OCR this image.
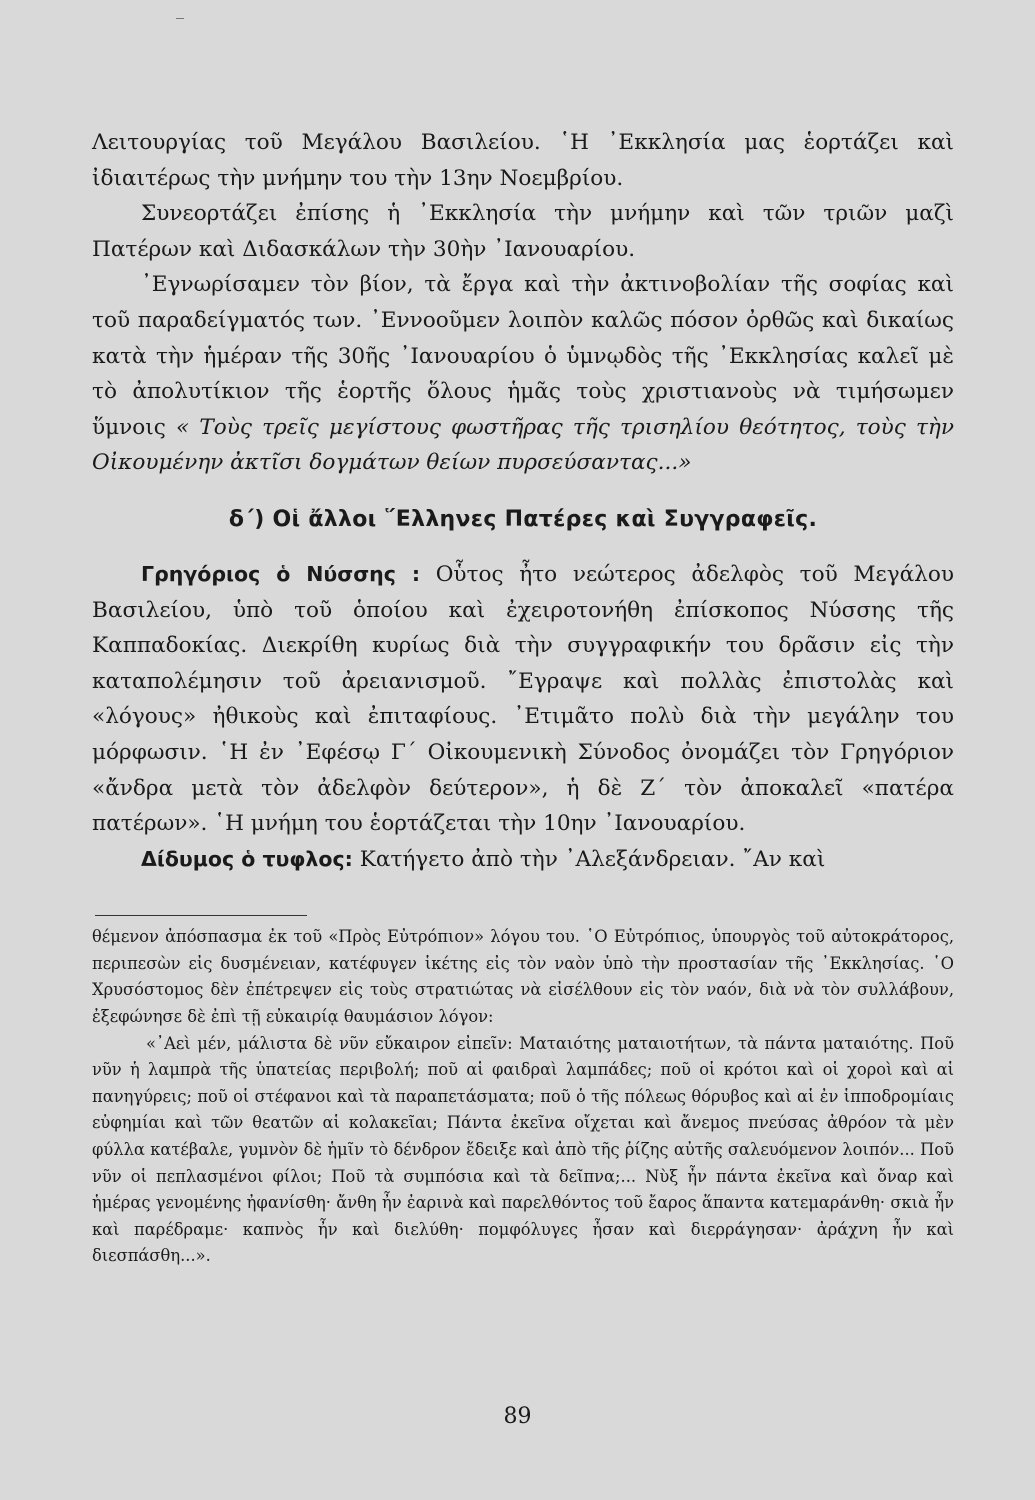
Λειτουργίας τοῦ Μεγάλου Βασιλείου. ῾Η ᾿Εκκλησία μας ἑορτάζει καὶ ἰδιαιτέρως τὴν μνήμην του τὴν 13ην Νοεμβρίου.

Συνεορτάζει ἐπίσης ἡ ᾿Εκκλησία τὴν μνήμην καὶ τῶν τριῶν μαζὶ Πατέρων καὶ Διδασκάλων τὴν 30ὴν ᾿Ιανουαρίου.

᾿Εγνωρίσαμεν τὸν βίον, τὰ ἔργα καὶ τὴν ἀκτινοβολίαν τῆς σοφίας καὶ τοῦ παραδείγματός των. ᾿Εννοοῦμεν λοιπὸν καλῶς πόσον ὀρθῶς καὶ δικαίως κατὰ τὴν ἡμέραν τῆς 30ῆς ᾿Ιανουαρίου ὁ ὑμνῳδὸς τῆς ᾿Εκκλησίας καλεῖ μὲ τὸ ἀπολυτίκιον τῆς ἑορτῆς ὅλους ἡμᾶς τοὺς χριστιανοὺς νὰ τιμήσωμεν ὕμνοις « Τοὺς τρεῖς μεγίστους φωστῆρας τῆς τρισηλίου θεότητος, τοὺς τὴν Οἰκουμένην ἀκτῖσι δογμάτων θείων πυρσεύσαντας...»

δ΄) Οἱ ἄλλοι ῞Ελληνες Πατέρες καὶ Συγγραφεῖς.

Γρηγόριος ὁ Νύσσης : Οὗτος ἦτο νεώτερος ἀδελφὸς τοῦ Μεγάλου Βασιλείου, ὑπὸ τοῦ ὁποίου καὶ ἐχειροτονήθη ἐπίσκοπος Νύσσης τῆς Καππαδοκίας. Διεκρίθη κυρίως διὰ τὴν συγγραφικήν του δρᾶσιν εἰς τὴν καταπολέμησιν τοῦ ἀρειανισμοῦ. ῎Εγραψε καὶ πολλὰς ἐπιστολὰς καὶ «λόγους» ἠθικοὺς καὶ ἐπιταφίους. ᾿Ετιμᾶτο πολὺ διὰ τὴν μεγάλην του μόρφωσιν. ῾Η ἐν ᾿Εφέσῳ Γ΄ Οἰκουμενικὴ Σύνοδος ὀνομάζει τὸν Γρηγόριον «ἄνδρα μετὰ τὸν ἀδελφὸν δεύτερον», ἡ δὲ Ζ΄ τὸν ἀποκαλεῖ «πατέρα πατέρων». ῾Η μνήμη του ἑορτάζεται τὴν 10ην ᾿Ιανουαρίου.

Δίδυμος ὁ τυφλος: Κατήγετο ἀπὸ τὴν ᾿Αλεξάνδρειαν. ῎Αν καὶ

θέμενον ἀπόσπασμα ἐκ τοῦ «Πρὸς Εὐτρόπιον» λόγου του. ῾Ο Εὐτρόπιος, ὑπουργὸς τοῦ αὐτοκράτορος, περιπεσὼν εἰς δυσμένειαν, κατέφυγεν ἱκέτης εἰς τὸν ναὸν ὑπὸ τὴν προστασίαν τῆς ᾿Εκκλησίας. ῾Ο Χρυσόστομος δὲν ἐπέτρεψεν εἰς τοὺς στρατιώτας νὰ εἰσέλθουν εἰς τὸν ναόν, διὰ νὰ τὸν συλλάβουν, ἐξεφώνησε δὲ ἐπὶ τῇ εὐκαιρίᾳ θαυμάσιον λόγον:

«᾿Αεὶ μέν, μάλιστα δὲ νῦν εὔκαιρον εἰπεῖν: Ματαιότης ματαιοτήτων, τὰ πάντα ματαιότης. Ποῦ νῦν ἡ λαμπρὰ τῆς ὑπατείας περιβολή; ποῦ αἱ φαιδραὶ λαμπάδες; ποῦ οἱ κρότοι καὶ οἱ χοροὶ καὶ αἱ πανηγύρεις; ποῦ οἱ στέφανοι καὶ τὰ παραπετάσματα; ποῦ ὁ τῆς πόλεως θόρυβος καὶ αἱ ἐν ἱπποδρομίαις εὐφημίαι καὶ τῶν θεατῶν αἱ κολακεῖαι; Πάντα ἐκεῖνα οἴχεται καὶ ἄνεμος πνεύσας ἀθρόον τὰ μὲν φύλλα κατέβαλε, γυμνὸν δὲ ἡμῖν τὸ δένδρον ἔδειξε καὶ ἀπὸ τῆς ῥίζης αὐτῆς σαλευόμενον λοιπόν... Ποῦ νῦν οἱ πεπλασμένοι φίλοι; Ποῦ τὰ συμπόσια καὶ τὰ δεῖπνα;... Νὺξ ἦν πάντα ἐκεῖνα καὶ ὄναρ καὶ ἡμέρας γενομένης ἠφανίσθη· ἄνθη ἦν ἐαρινὰ καὶ παρελθόντος τοῦ ἔαρος ἅπαντα κατεμαράνθη· σκιὰ ἦν καὶ παρέδραμε· καπνὸς ἦν καὶ διελύθη· πομφόλυγες ἦσαν καὶ διερράγησαν· ἀράχνη ἦν καὶ διεσπάσθη...».

89
